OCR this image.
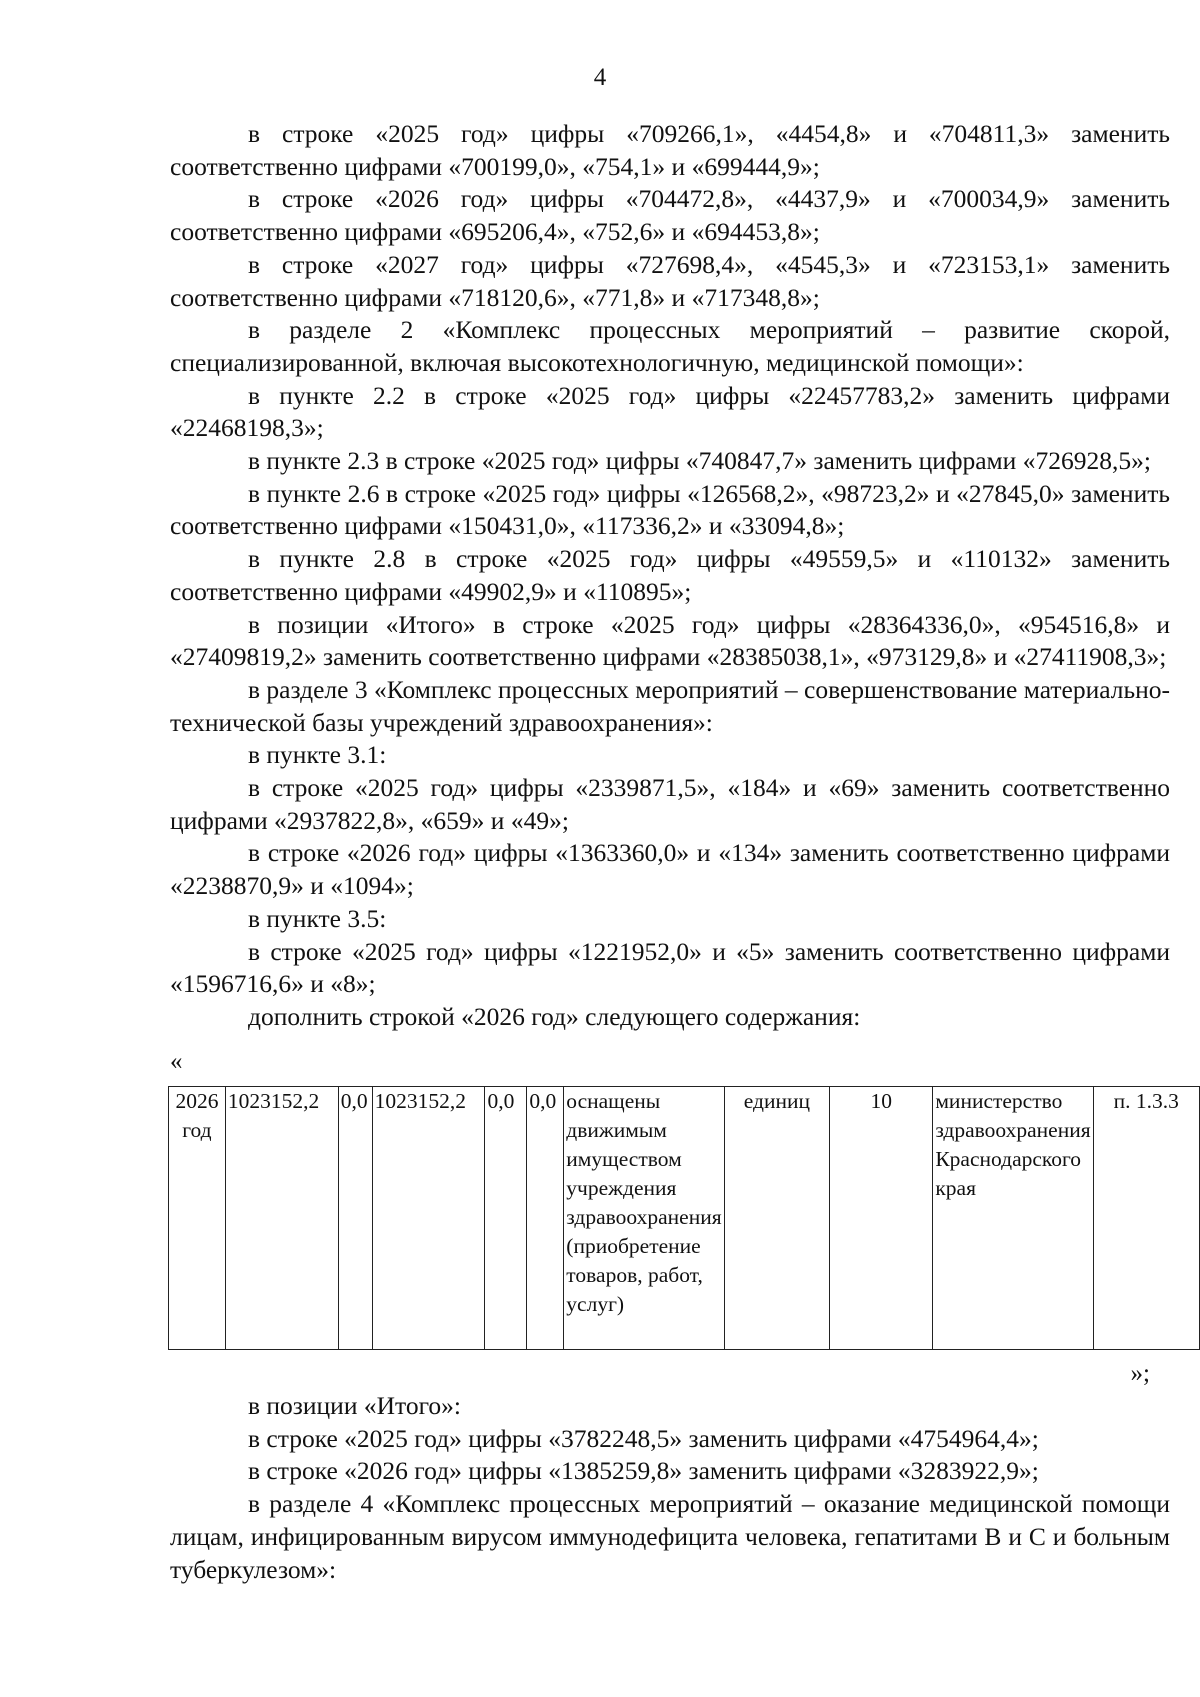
4

в строке «2025 год» цифры «709266,1», «4454,8» и «704811,3» заменить соответственно цифрами «700199,0», «754,1» и «699444,9»;

в строке «2026 год» цифры «704472,8», «4437,9» и «700034,9» заменить соответственно цифрами «695206,4», «752,6» и «694453,8»;

в строке «2027 год» цифры «727698,4», «4545,3» и «723153,1» заменить соответственно цифрами «718120,6», «771,8» и «717348,8»;

в разделе 2 «Комплекс процессных мероприятий – развитие скорой, специализированной, включая высокотехнологичную, медицинской помощи»:

в пункте 2.2 в строке «2025 год» цифры «22457783,2» заменить цифрами «22468198,3»;

в пункте 2.3 в строке «2025 год» цифры «740847,7» заменить цифрами «726928,5»;

в пункте 2.6 в строке «2025 год» цифры «126568,2», «98723,2» и «27845,0» заменить соответственно цифрами «150431,0», «117336,2» и «33094,8»;

в пункте 2.8 в строке «2025 год» цифры «49559,5» и «110132» заменить соответственно цифрами «49902,9» и «110895»;

в позиции «Итого» в строке «2025 год» цифры «28364336,0», «954516,8» и «27409819,2» заменить соответственно цифрами «28385038,1», «973129,8» и «27411908,3»;

в разделе 3 «Комплекс процессных мероприятий – совершенствование материально-технической базы учреждений здравоохранения»:

в пункте 3.1:

в строке «2025 год» цифры «2339871,5», «184» и «69» заменить соответственно цифрами «2937822,8», «659» и «49»;

в строке «2026 год» цифры «1363360,0» и «134» заменить соответственно цифрами «2238870,9» и «1094»;

в пункте 3.5:

в строке «2025 год» цифры «1221952,0» и «5» заменить соответственно цифрами «1596716,6» и «8»;

дополнить строкой «2026 год» следующего содержания:

«
2026 год	1023152,2	0,0	1023152,2	0,0	0,0	оснащены движимым имуществом учреждения здравоохранения (приобретение товаров, работ, услуг)	единиц	10	министерство здравоохранения Краснодарского края	п. 1.3.3
»;

в позиции «Итого»:

в строке «2025 год» цифры «3782248,5» заменить цифрами «4754964,4»;

в строке «2026 год» цифры «1385259,8» заменить цифрами «3283922,9»;

в разделе 4 «Комплекс процессных мероприятий – оказание медицинской помощи лицам, инфицированным вирусом иммунодефицита человека, гепатитами B и C и больным туберкулезом»:
